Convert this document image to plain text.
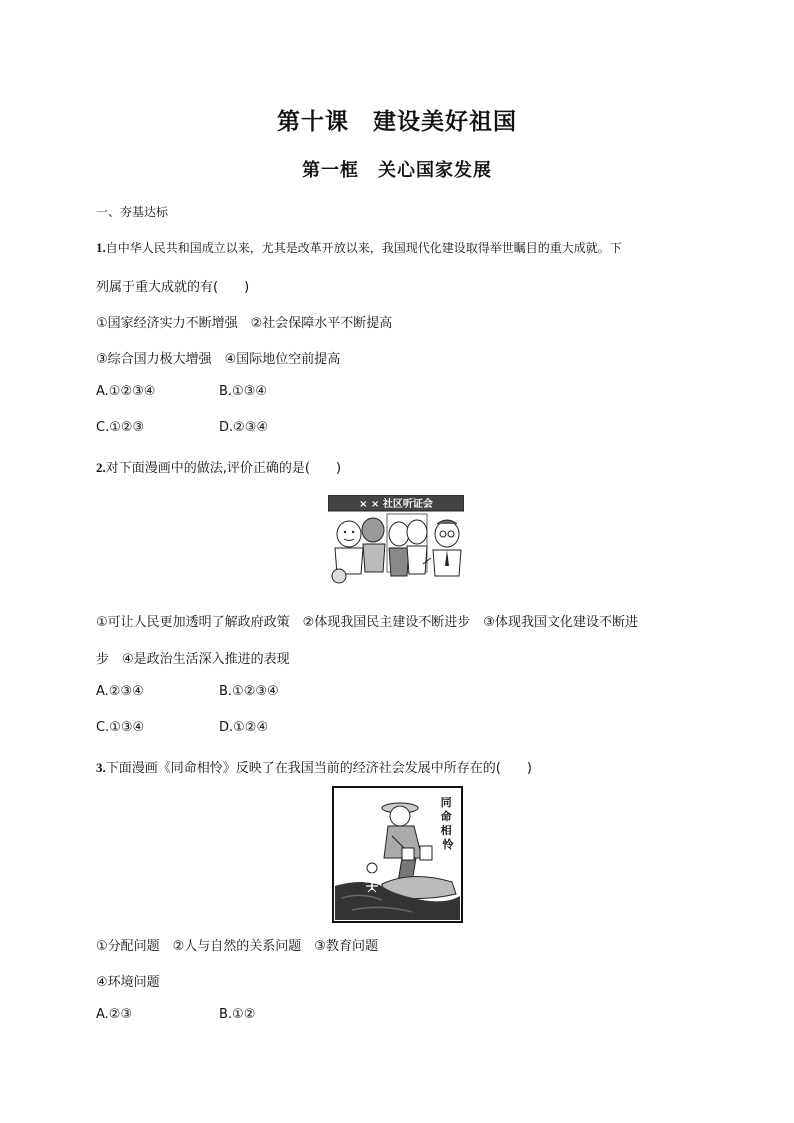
第十课　建设美好祖国
第一框　关心国家发展
一、夯基达标
1.自中华人民共和国成立以来，尤其是改革开放以来，我国现代化建设取得举世瞩目的重大成就。下
列属于重大成就的有(　　)
①国家经济实力不断增强　②社会保障水平不断提高
③综合国力极大增强　④国际地位空前提高
A.①②③④	B.①③④
C.①②③	D.②③④
2.对下面漫画中的做法,评价正确的是(　　)
× × 社区听证会
①可让人民更加透明了解政府政策　②体现我国民主建设不断进步　③体现我国文化建设不断进
步　④是政治生活深入推进的表现
A.②③④	B.①②③④
C.①③④	D.①②④
3.下面漫画《同命相怜》反映了在我国当前的经济社会发展中所存在的(　　)
同 命 相 怜
①分配问题　②人与自然的关系问题　③教育问题
④环境问题
A.②③	B.①②
